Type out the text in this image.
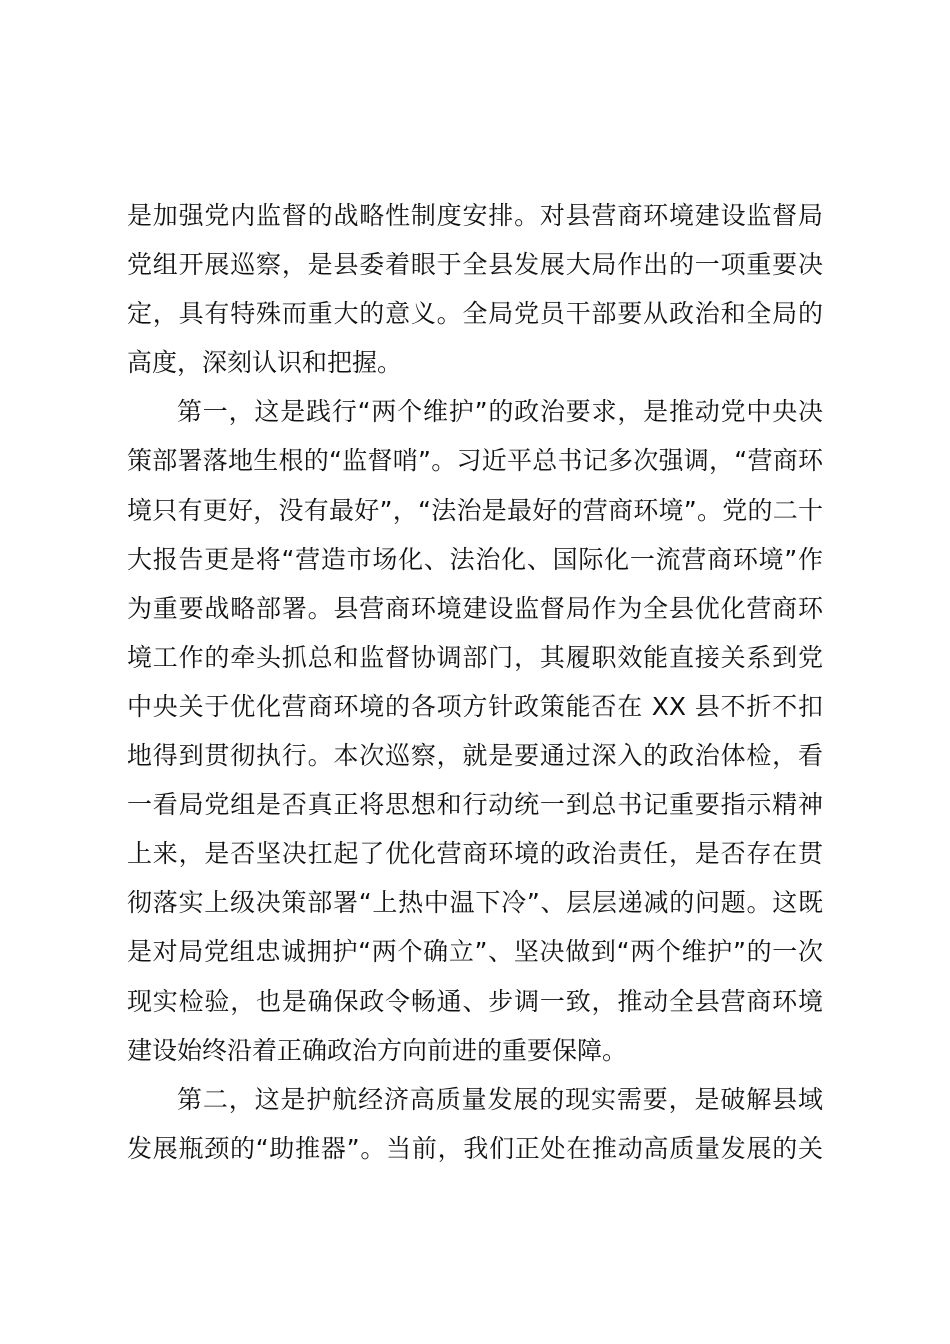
是加强党内监督的战略性制度安排。对县营商环境建设监督局
党组开展巡察，是县委着眼于全县发展大局作出的一项重要决
定，具有特殊而重大的意义。全局党员干部要从政治和全局的
高度，深刻认识和把握。
第一，这是践行“两个维护”的政治要求，是推动党中央决
策部署落地生根的“监督哨”。习近平总书记多次强调，“营商环
境只有更好，没有最好”，“法治是最好的营商环境”。党的二十
大报告更是将“营造市场化、法治化、国际化一流营商环境”作
为重要战略部署。县营商环境建设监督局作为全县优化营商环
境工作的牵头抓总和监督协调部门，其履职效能直接关系到党
中央关于优化营商环境的各项方针政策能否在 XX 县不折不扣
地得到贯彻执行。本次巡察，就是要通过深入的政治体检，看
一看局党组是否真正将思想和行动统一到总书记重要指示精神
上来，是否坚决扛起了优化营商环境的政治责任，是否存在贯
彻落实上级决策部署“上热中温下冷”、层层递减的问题。这既
是对局党组忠诚拥护“两个确立”、坚决做到“两个维护”的一次
现实检验，也是确保政令畅通、步调一致，推动全县营商环境
建设始终沿着正确政治方向前进的重要保障。
第二，这是护航经济高质量发展的现实需要，是破解县域
发展瓶颈的“助推器”。当前，我们正处在推动高质量发展的关
